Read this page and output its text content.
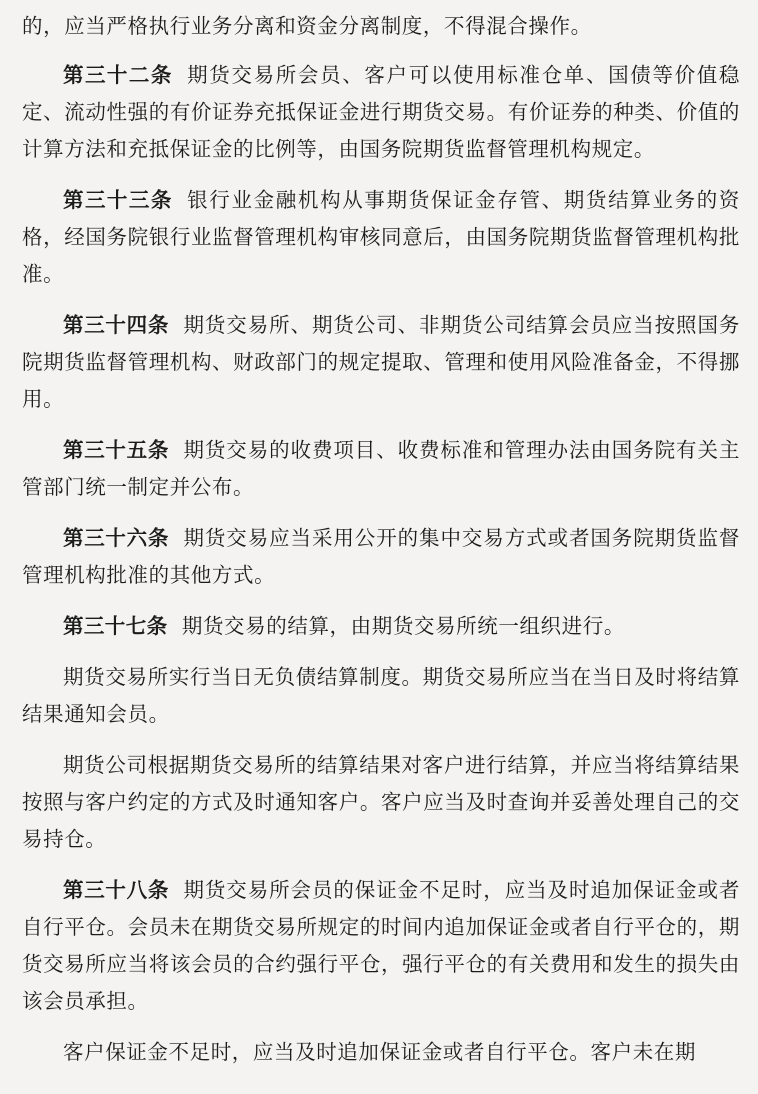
的，应当严格执行业务分离和资金分离制度，不得混合操作。

第三十二条 期货交易所会员、客户可以使用标准仓单、国债等价值稳定、流动性强的有价证券充抵保证金进行期货交易。有价证券的种类、价值的计算方法和充抵保证金的比例等，由国务院期货监督管理机构规定。

第三十三条 银行业金融机构从事期货保证金存管、期货结算业务的资格，经国务院银行业监督管理机构审核同意后，由国务院期货监督管理机构批准。

第三十四条 期货交易所、期货公司、非期货公司结算会员应当按照国务院期货监督管理机构、财政部门的规定提取、管理和使用风险准备金，不得挪用。

第三十五条 期货交易的收费项目、收费标准和管理办法由国务院有关主管部门统一制定并公布。

第三十六条 期货交易应当采用公开的集中交易方式或者国务院期货监督管理机构批准的其他方式。

第三十七条 期货交易的结算，由期货交易所统一组织进行。

期货交易所实行当日无负债结算制度。期货交易所应当在当日及时将结算结果通知会员。

期货公司根据期货交易所的结算结果对客户进行结算，并应当将结算结果按照与客户约定的方式及时通知客户。客户应当及时查询并妥善处理自己的交易持仓。

第三十八条 期货交易所会员的保证金不足时，应当及时追加保证金或者自行平仓。会员未在期货交易所规定的时间内追加保证金或者自行平仓的，期货交易所应当将该会员的合约强行平仓，强行平仓的有关费用和发生的损失由该会员承担。

客户保证金不足时，应当及时追加保证金或者自行平仓。客户未在期
